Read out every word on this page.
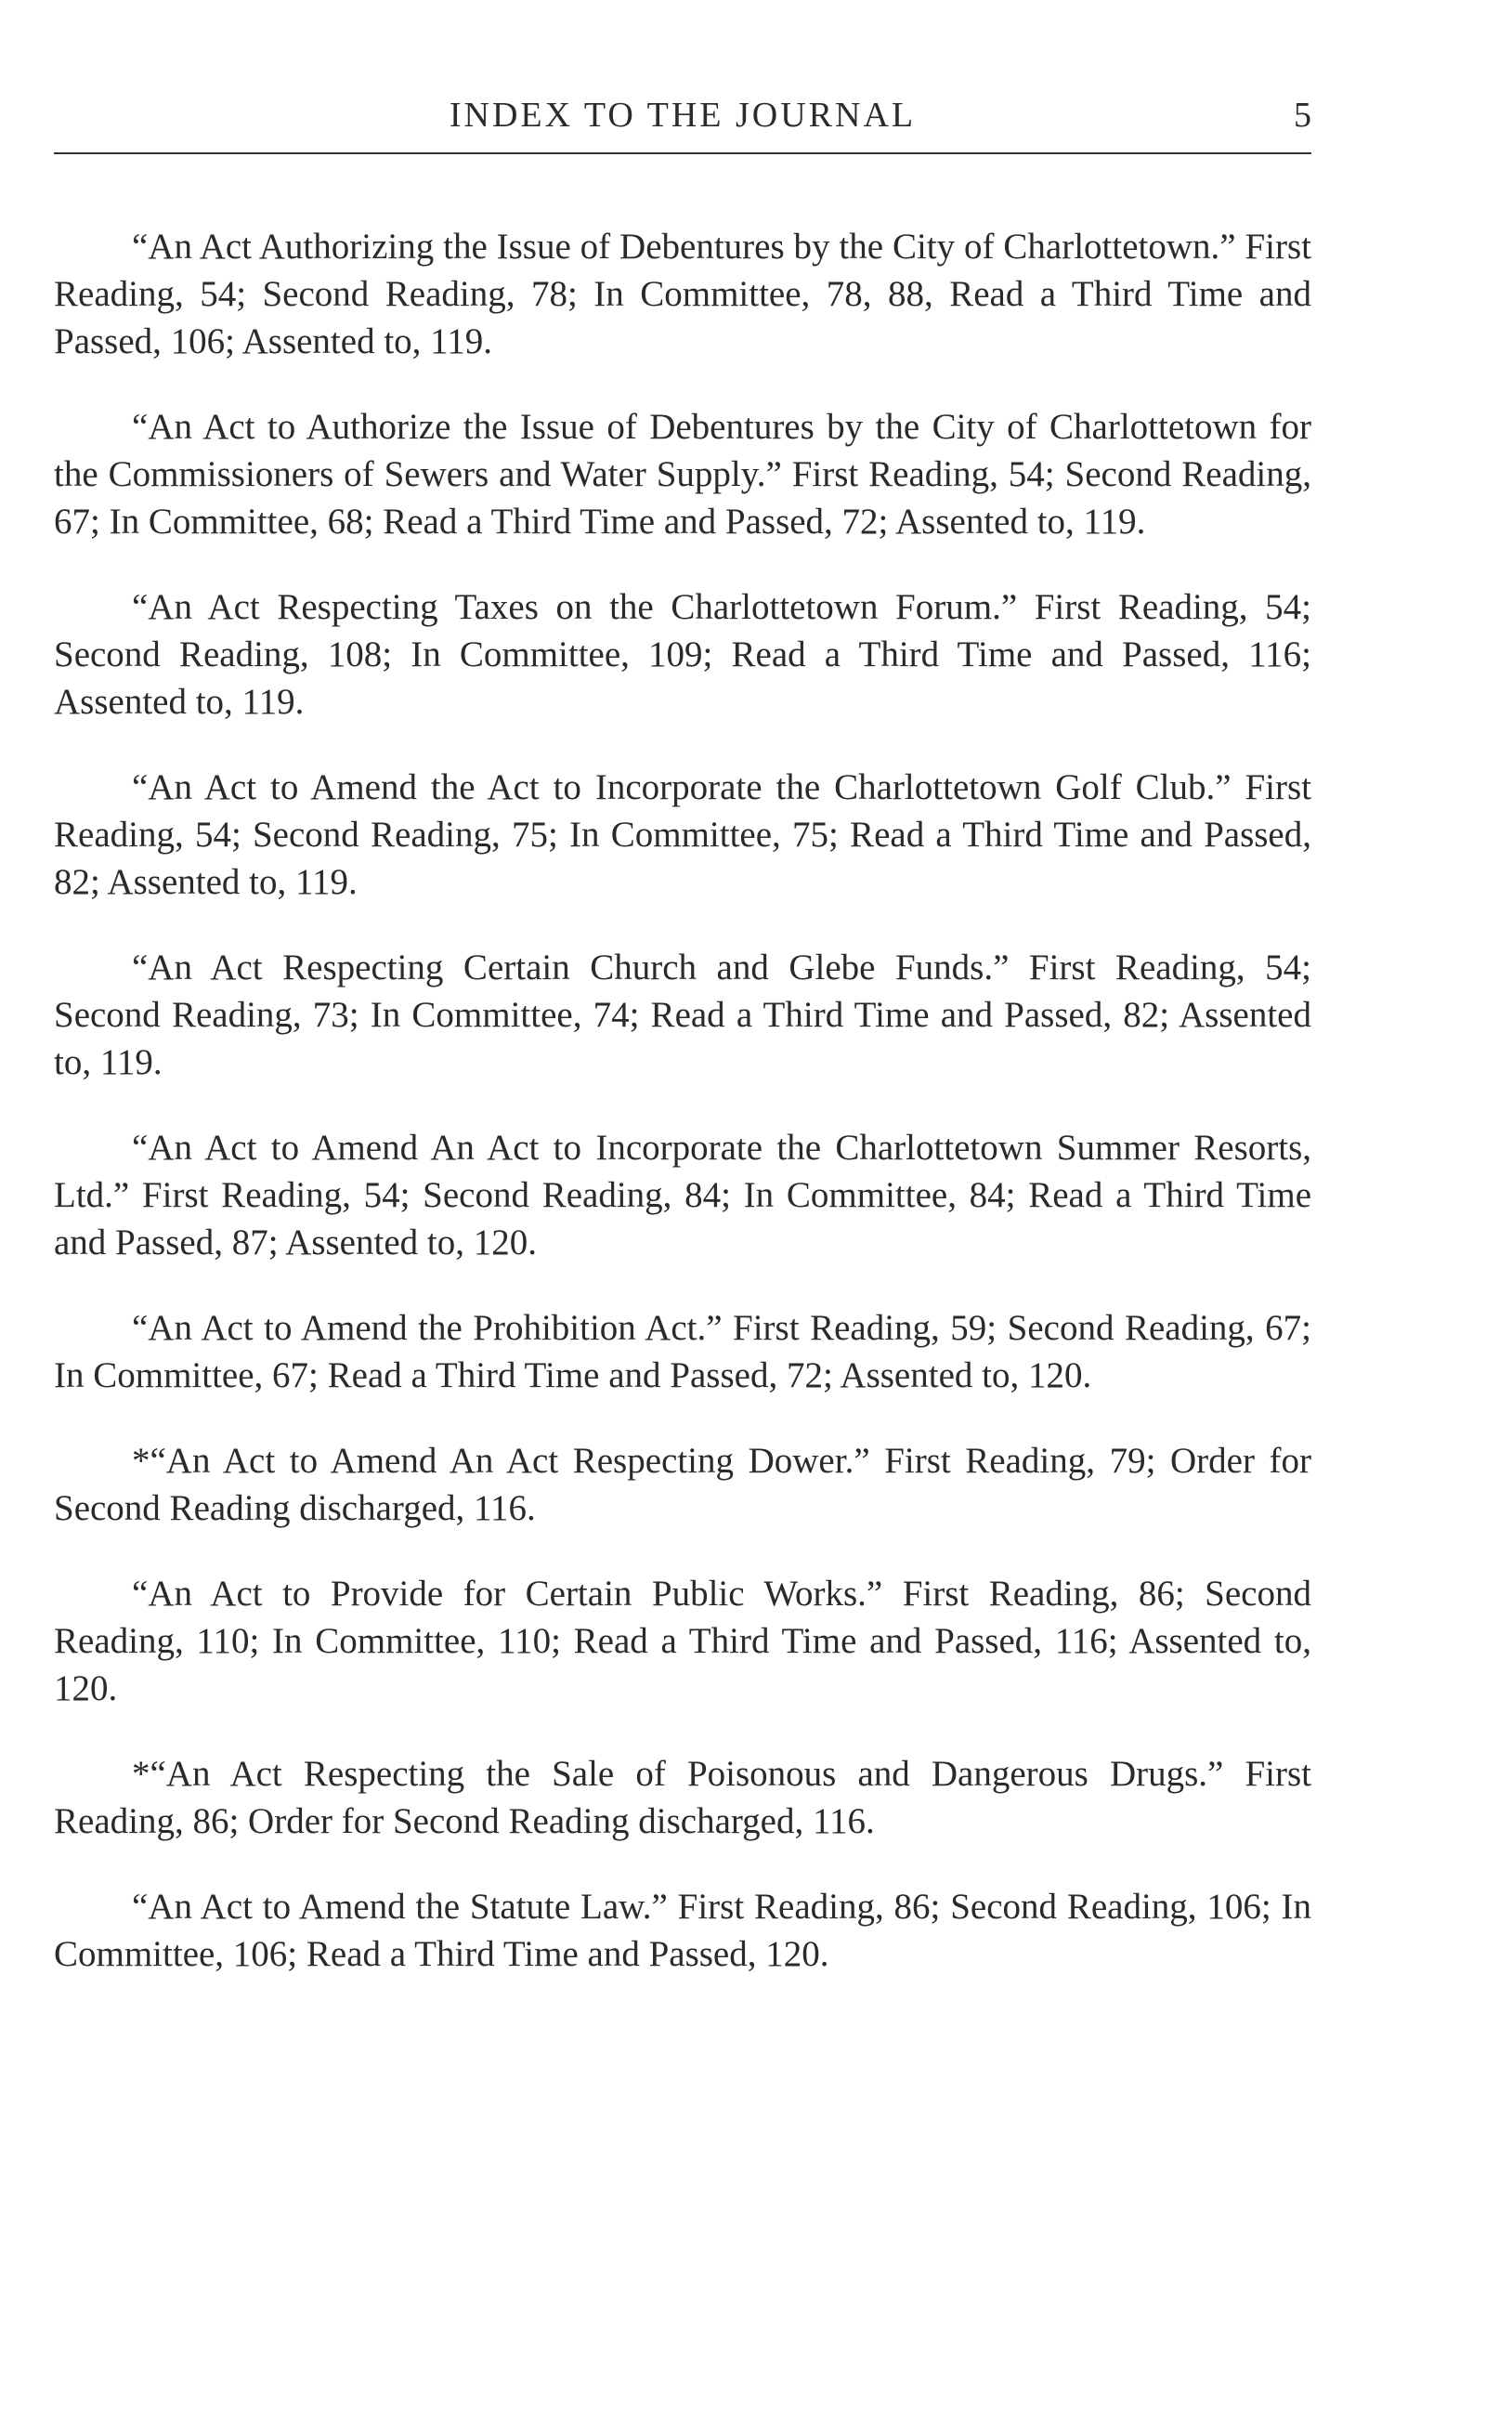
INDEX TO THE JOURNAL	5

“An Act Authorizing the Issue of Debentures by the City of Charlottetown.” First Reading, 54; Second Reading, 78; In Committee, 78, 88, Read a Third Time and Passed, 106; Assented to, 119.

“An Act to Authorize the Issue of Debentures by the City of Charlottetown for the Commissioners of Sewers and Water Supply.” First Reading, 54; Second Reading, 67; In Committee, 68; Read a Third Time and Passed, 72; Assented to, 119.

“An Act Respecting Taxes on the Charlottetown Forum.” First Reading, 54; Second Reading, 108; In Committee, 109; Read a Third Time and Passed, 116; Assented to, 119.

“An Act to Amend the Act to Incorporate the Charlottetown Golf Club.” First Reading, 54; Second Reading, 75; In Committee, 75; Read a Third Time and Passed, 82; Assented to, 119.

“An Act Respecting Certain Church and Glebe Funds.” First Reading, 54; Second Reading, 73; In Committee, 74; Read a Third Time and Passed, 82; Assented to, 119.

“An Act to Amend An Act to Incorporate the Charlottetown Summer Resorts, Ltd.” First Reading, 54; Second Reading, 84; In Committee, 84; Read a Third Time and Passed, 87; Assented to, 120.

“An Act to Amend the Prohibition Act.” First Reading, 59; Second Reading, 67; In Committee, 67; Read a Third Time and Passed, 72; Assented to, 120.

*“An Act to Amend An Act Respecting Dower.” First Reading, 79; Order for Second Reading discharged, 116.

“An Act to Provide for Certain Public Works.” First Reading, 86; Second Reading, 110; In Committee, 110; Read a Third Time and Passed, 116; Assented to, 120.

*“An Act Respecting the Sale of Poisonous and Dangerous Drugs.” First Reading, 86; Order for Second Reading discharged, 116.

“An Act to Amend the Statute Law.” First Reading, 86; Second Reading, 106; In Committee, 106; Read a Third Time and Passed, 120.
